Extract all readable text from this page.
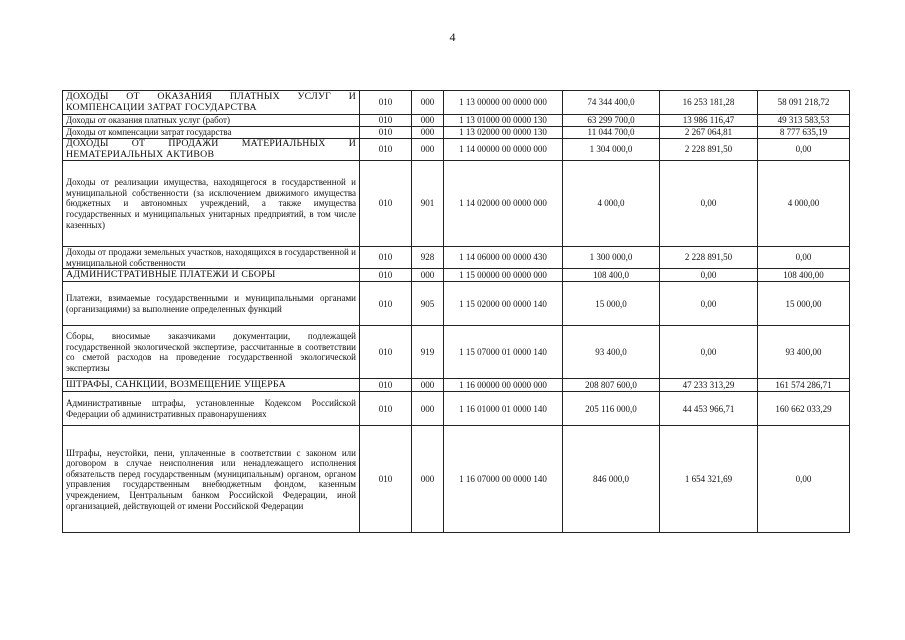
4
ДОХОДЫ ОТ ОКАЗАНИЯ ПЛАТНЫХ УСЛУГ И КОМПЕНСАЦИИ ЗАТРАТ ГОСУДАРСТВА	010	000	1 13 00000 00 0000 000	74 344 400,0	16 253 181,28	58 091 218,72
Доходы от оказания платных услуг (работ)	010	000	1 13 01000 00 0000 130	63 299 700,0	13 986 116,47	49 313 583,53
Доходы от компенсации затрат государства	010	000	1 13 02000 00 0000 130	11 044 700,0	2 267 064,81	8 777 635,19
ДОХОДЫ ОТ ПРОДАЖИ МАТЕРИАЛЬНЫХ И НЕМАТЕРИАЛЬНЫХ АКТИВОВ	010	000	1 14 00000 00 0000 000	1 304 000,0	2 228 891,50	0,00
Доходы от реализации имущества, находящегося в государственной и муниципальной собственности (за исключением движимого имущества бюджетных и автономных учреждений, а также имущества государственных и муниципальных унитарных предприятий, в том числе казенных)	010	901	1 14 02000 00 0000 000	4 000,0	0,00	4 000,00
Доходы от продажи земельных участков, находящихся в государственной и муниципальной собственности	010	928	1 14 06000 00 0000 430	1 300 000,0	2 228 891,50	0,00
АДМИНИСТРАТИВНЫЕ ПЛАТЕЖИ И СБОРЫ	010	000	1 15 00000 00 0000 000	108 400,0	0,00	108 400,00
Платежи, взимаемые государственными и муниципальными органами (организациями) за выполнение определенных функций	010	905	1 15 02000 00 0000 140	15 000,0	0,00	15 000,00
Сборы, вносимые заказчиками документации, подлежащей государственной экологической экспертизе, рассчитанные в соответствии со сметой расходов на проведение государственной экологической экспертизы	010	919	1 15 07000 01 0000 140	93 400,0	0,00	93 400,00
ШТРАФЫ, САНКЦИИ, ВОЗМЕЩЕНИЕ УЩЕРБА	010	000	1 16 00000 00 0000 000	208 807 600,0	47 233 313,29	161 574 286,71
Административные штрафы, установленные Кодексом Российской Федерации об административных правонарушениях	010	000	1 16 01000 01 0000 140	205 116 000,0	44 453 966,71	160 662 033,29
Штрафы, неустойки, пени, уплаченные в соответствии с законом или договором в случае неисполнения или ненадлежащего исполнения обязательств перед государственным (муниципальным) органом, органом управления государственным внебюджетным фондом, казенным учреждением, Центральным банком Российской Федерации, иной организацией, действующей от имени Российской Федерации	010	000	1 16 07000 00 0000 140	846 000,0	1 654 321,69	0,00
